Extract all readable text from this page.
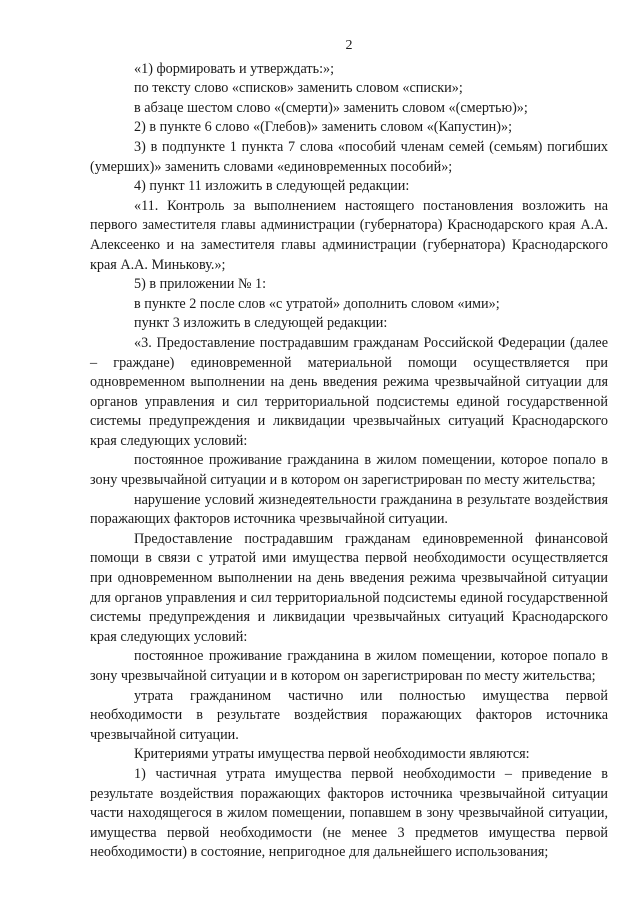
2

«1) формировать и утверждать:»;

по тексту слово «списков» заменить словом «списки»;

в абзаце шестом слово «(смерти)» заменить словом «(смертью)»;

2) в пункте 6 слово «(Глебов)» заменить словом «(Капустин)»;

3) в подпункте 1 пункта 7 слова «пособий членам семей (семьям) погибших (умерших)» заменить словами «единовременных пособий»;

4) пункт 11 изложить в следующей редакции:

«11. Контроль за выполнением настоящего постановления возложить на первого заместителя главы администрации (губернатора) Краснодарского края А.А. Алексеенко и на заместителя главы администрации (губернатора) Краснодарского края А.А. Минькову.»;

5) в приложении № 1:

в пункте 2 после слов «с утратой» дополнить словом «ими»;

пункт 3 изложить в следующей редакции:

«3. Предоставление пострадавшим гражданам Российской Федерации (далее – граждане) единовременной материальной помощи осуществляется при одновременном выполнении на день введения режима чрезвычайной ситуации для органов управления и сил территориальной подсистемы единой государственной системы предупреждения и ликвидации чрезвычайных ситуаций Краснодарского края следующих условий:

постоянное проживание гражданина в жилом помещении, которое попало в зону чрезвычайной ситуации и в котором он зарегистрирован по месту жительства;

нарушение условий жизнедеятельности гражданина в результате воздействия поражающих факторов источника чрезвычайной ситуации.

Предоставление пострадавшим гражданам единовременной финансовой помощи в связи с утратой ими имущества первой необходимости осуществляется при одновременном выполнении на день введения режима чрезвычайной ситуации для органов управления и сил территориальной подсистемы единой государственной системы предупреждения и ликвидации чрезвычайных ситуаций Краснодарского края следующих условий:

постоянное проживание гражданина в жилом помещении, которое попало в зону чрезвычайной ситуации и в котором он зарегистрирован по месту жительства;

утрата гражданином частично или полностью имущества первой необходимости в результате воздействия поражающих факторов источника чрезвычайной ситуации.

Критериями утраты имущества первой необходимости являются:

1) частичная утрата имущества первой необходимости – приведение в результате воздействия поражающих факторов источника чрезвычайной ситуации части находящегося в жилом помещении, попавшем в зону чрезвычайной ситуации, имущества первой необходимости (не менее 3 предметов имущества первой необходимости) в состояние, непригодное для дальнейшего использования;
